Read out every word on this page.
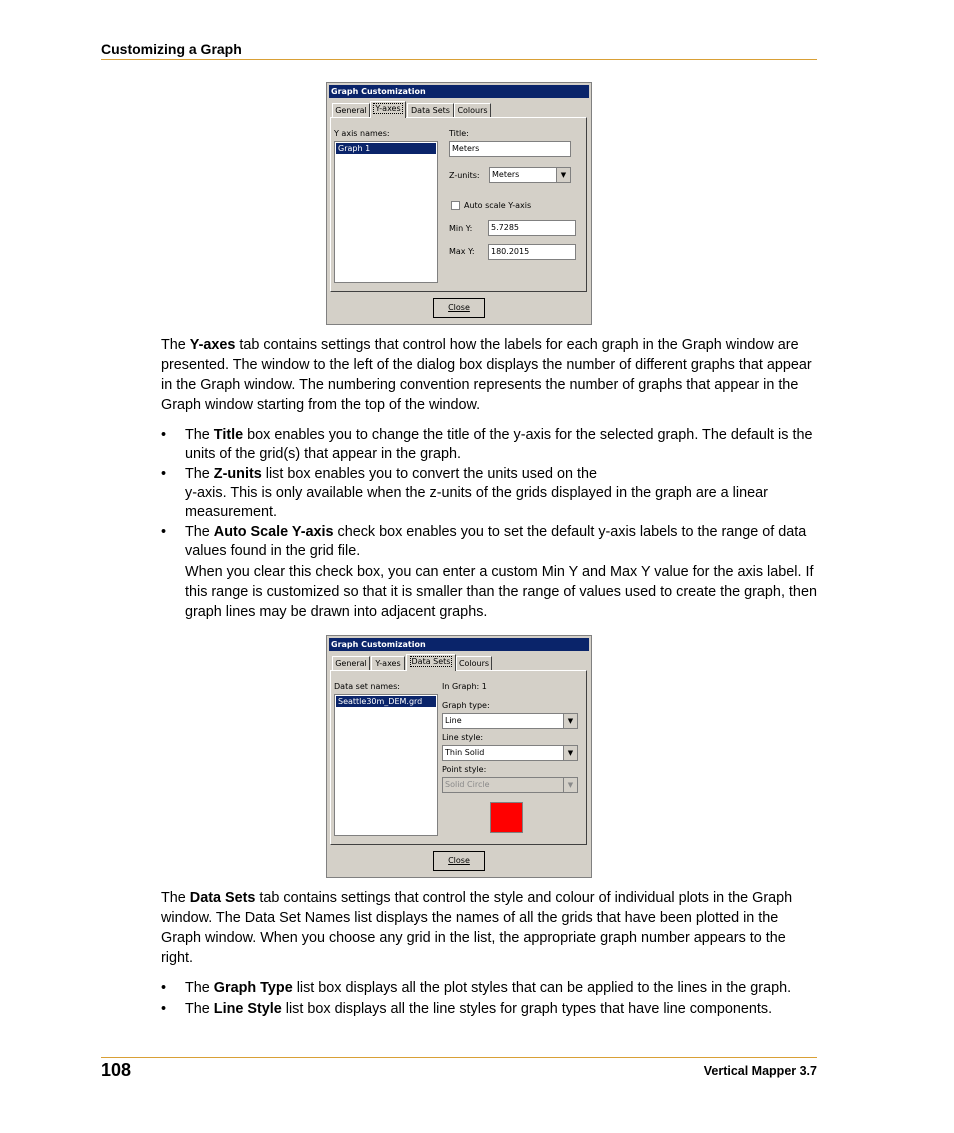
Customizing a Graph
Graph Customization
General	Y-axes	Data Sets Colours
Y axis names:
Graph 1
Title:
Meters
Z-units:	Meters	▼
Auto scale Y-axis
Min Y:	5.7285
Max Y:	180.2015
Close

The Y-axes tab contains settings that control how the labels for each graph in the Graph window are presented. The window to the left of the dialog box displays the number of different graphs that appear in the Graph window. The numbering convention represents the number of graphs that appear in the Graph window starting from the top of the window.

• The Title box enables you to change the title of the y-axis for the selected graph. The default is the units of the grid(s) that appear in the graph.
• The Z-units list box enables you to convert the units used on the
y-axis. This is only available when the z-units of the grids displayed in the graph are a linear measurement.
• The Auto Scale Y-axis check box enables you to set the default y-axis labels to the range of data values found in the grid file.
When you clear this check box, you can enter a custom Min Y and Max Y value for the axis label. If this range is customized so that it is smaller than the range of values used to create the graph, then graph lines may be drawn into adjacent graphs.
Graph Customization
General	Y-axes	Data Sets	Colours
Data set names:
Seattle30m_DEM.grd
In Graph: 1
Graph type:
Line	▼
Line style:
Thin Solid	▼
Point style:
Solid Circle	▼
Close

The Data Sets tab contains settings that control the style and colour of individual plots in the Graph window. The Data Set Names list displays the names of all the grids that have been plotted in the Graph window. When you choose any grid in the list, the appropriate graph number appears to the right.

• The Graph Type list box displays all the plot styles that can be applied to the lines in the graph.
• The Line Style list box displays all the line styles for graph types that have line components.
108	Vertical Mapper 3.7
